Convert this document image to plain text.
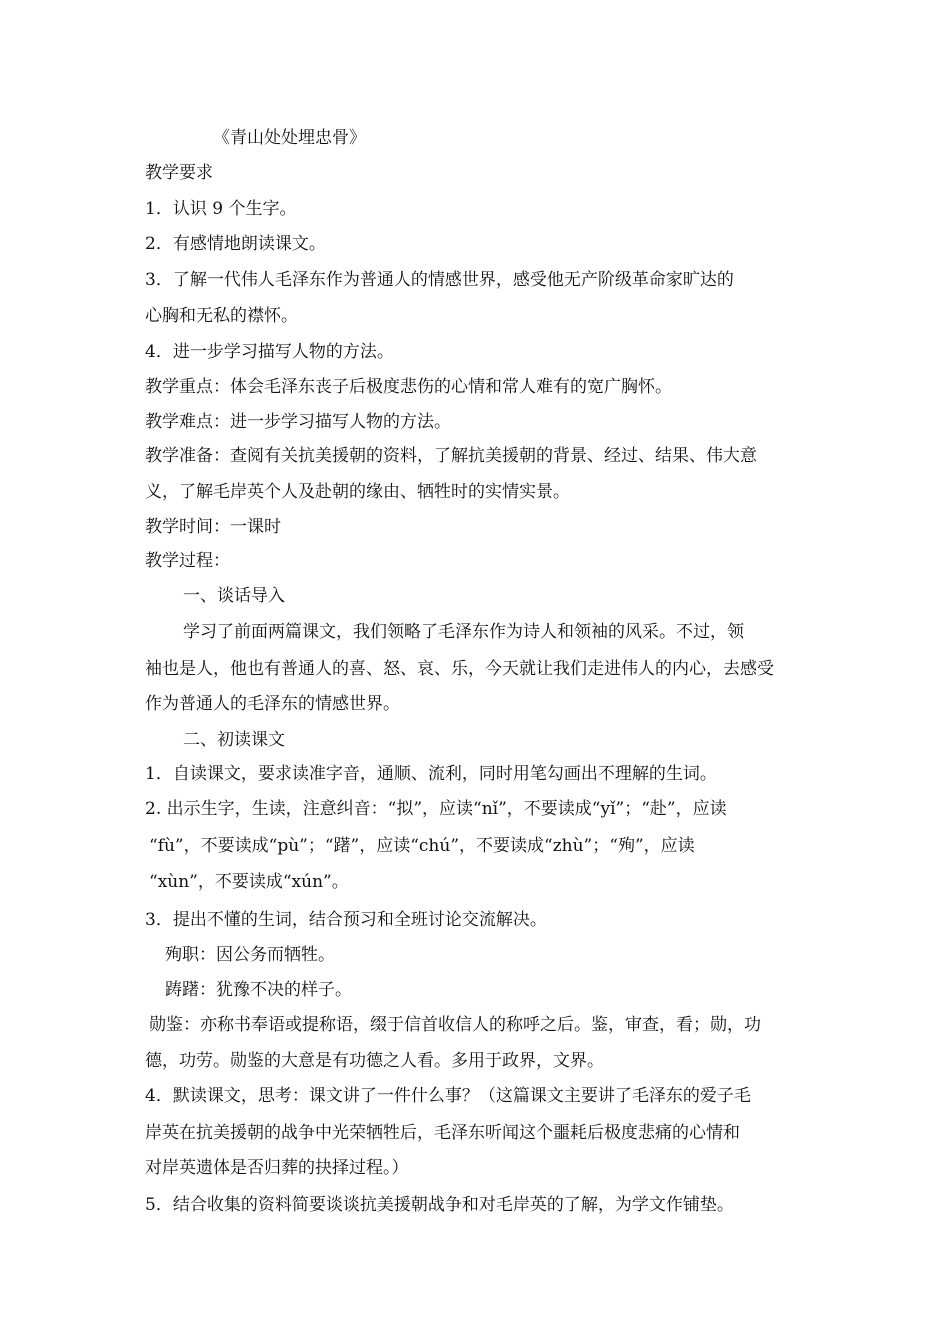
《青山处处埋忠骨》
教学要求
1．认识 9 个生字。
2．有感情地朗读课文。
3．了解一代伟人毛泽东作为普通人的情感世界，感受他无产阶级革命家旷达的
心胸和无私的襟怀。
4．进一步学习描写人物的方法。
教学重点：体会毛泽东丧子后极度悲伤的心情和常人难有的宽广胸怀。
教学难点：进一步学习描写人物的方法。
教学准备：查阅有关抗美援朝的资料，了解抗美援朝的背景、经过、结果、伟大意
义，了解毛岸英个人及赴朝的缘由、牺牲时的实情实景。
教学时间：一课时
教学过程：
一、谈话导入
学习了前面两篇课文，我们领略了毛泽东作为诗人和领袖的风采。不过，领
袖也是人，他也有普通人的喜、怒、哀、乐，今天就让我们走进伟人的内心，去感受
作为普通人的毛泽东的情感世界。
二、初读课文
1．自读课文，要求读准字音，通顺、流利，同时用笔勾画出不理解的生词。
2. 出示生字，生读，注意纠音：“拟”，应读“nǐ”，不要读成“yǐ”；“赴”，应读
“fù”，不要读成“pù”；“躇”，应读“chú”，不要读成“zhù”；“殉”，应读
“xùn”，不要读成“xún”。
3．提出不懂的生词，结合预习和全班讨论交流解决。
殉职：因公务而牺牲。
踌躇：犹豫不决的样子。
勋鉴：亦称书奉语或提称语，缀于信首收信人的称呼之后。鉴，审查，看；勋，功
德，功劳。勋鉴的大意是有功德之人看。多用于政界，文界。
4．默读课文，思考：课文讲了一件什么事？（这篇课文主要讲了毛泽东的爱子毛
岸英在抗美援朝的战争中光荣牺牲后，毛泽东听闻这个噩耗后极度悲痛的心情和
对岸英遗体是否归葬的抉择过程。）
5．结合收集的资料简要谈谈抗美援朝战争和对毛岸英的了解，为学文作铺垫。
